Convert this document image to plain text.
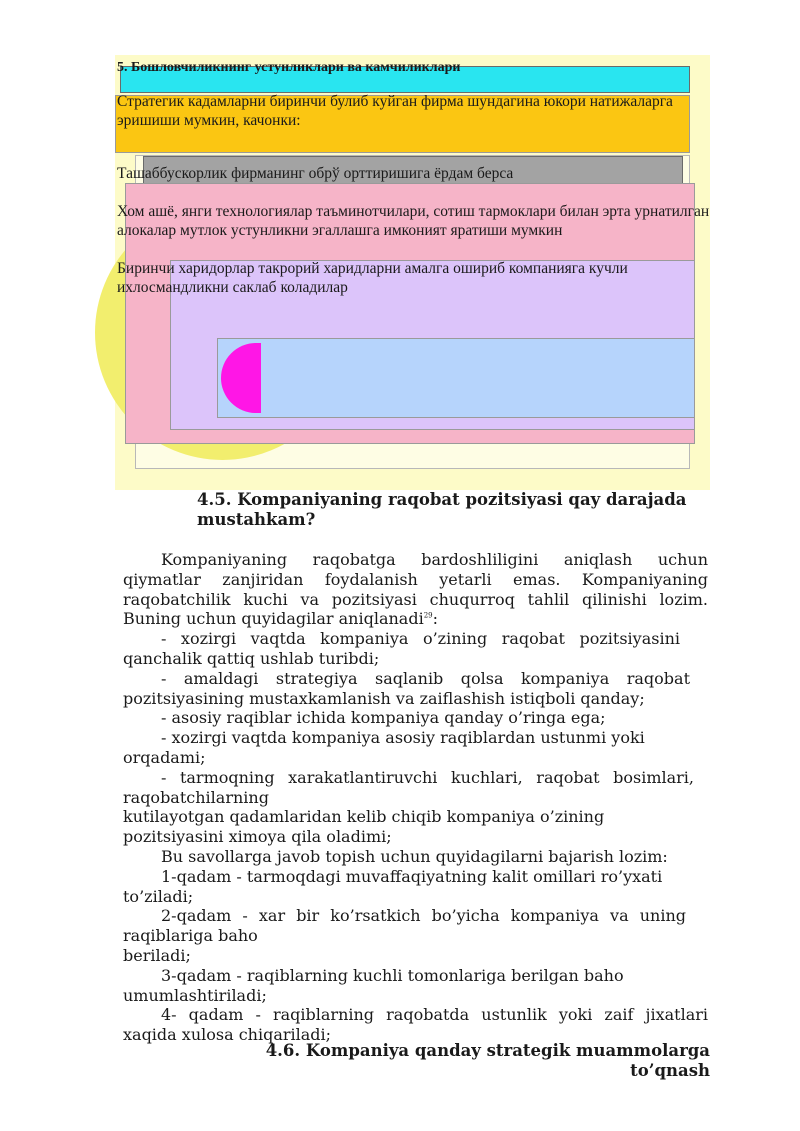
5. Бошловчиликнинг устунликлари ва камчиликлари
Стратегик кадамларни биринчи булиб куйган фирма шундагина юкори натижаларга эришиши мумкин, качонки:
Ташаббускорлик фирманинг обрў орттиришига ёрдам берса
Хом ашё, янги технологиялар таъминотчилари, сотиш тармоклари билан эрта урнатилган алокалар мутлок устунликни эгаллашга имконият яратиши мумкин
Биринчи харидорлар такрорий харидларни амалга ошириб компанияга кучли ихлосмандликни саклаб коладилар
4.5. Kompaniyaning raqobat pozitsiyasi qay darajada
mustahkam?

Kompaniyaning raqobatga bardoshliligini aniqlash uchun

qiymatlar zanjiridan foydalanish yetarli emas. Kompaniyaning

raqobatchilik kuchi va pozitsiyasi chuqurroq tahlil qilinishi lozim.

Buning uchun quyidagilar aniqlanadi$^{29}$:

- xozirgi vaqtda kompaniya o’zining raqobat pozitsiyasini

qanchalik qattiq ushlab turibdi;

- amaldagi strategiya saqlanib qolsa kompaniya raqobat

pozitsiyasining mustaxkamlanish va zaiflashish istiqboli qanday;

- asosiy raqiblar ichida kompaniya qanday o’ringa ega;

- xozirgi vaqtda kompaniya asosiy raqiblardan ustunmi yoki

orqadami;

- tarmoqning xarakatlantiruvchi kuchlari, raqobat bosimlari,

raqobatchilarning

kutilayotgan qadamlaridan kelib chiqib kompaniya o’zining

pozitsiyasini ximoya qila oladimi;

Bu savollarga javob topish uchun quyidagilarni bajarish lozim:

1-qadam - tarmoqdagi muvaffaqiyatning kalit omillari ro’yxati

to’ziladi;

2-qadam - xar bir ko’rsatkich bo’yicha kompaniya va uning

raqiblariga baho

beriladi;

3-qadam - raqiblarning kuchli tomonlariga berilgan baho

umumlashtiriladi;

4- qadam - raqiblarning raqobatda ustunlik yoki zaif jixatlari

xaqida xulosa chiqariladi;

4.6. Kompaniya qanday strategik muammolarga to’qnash
